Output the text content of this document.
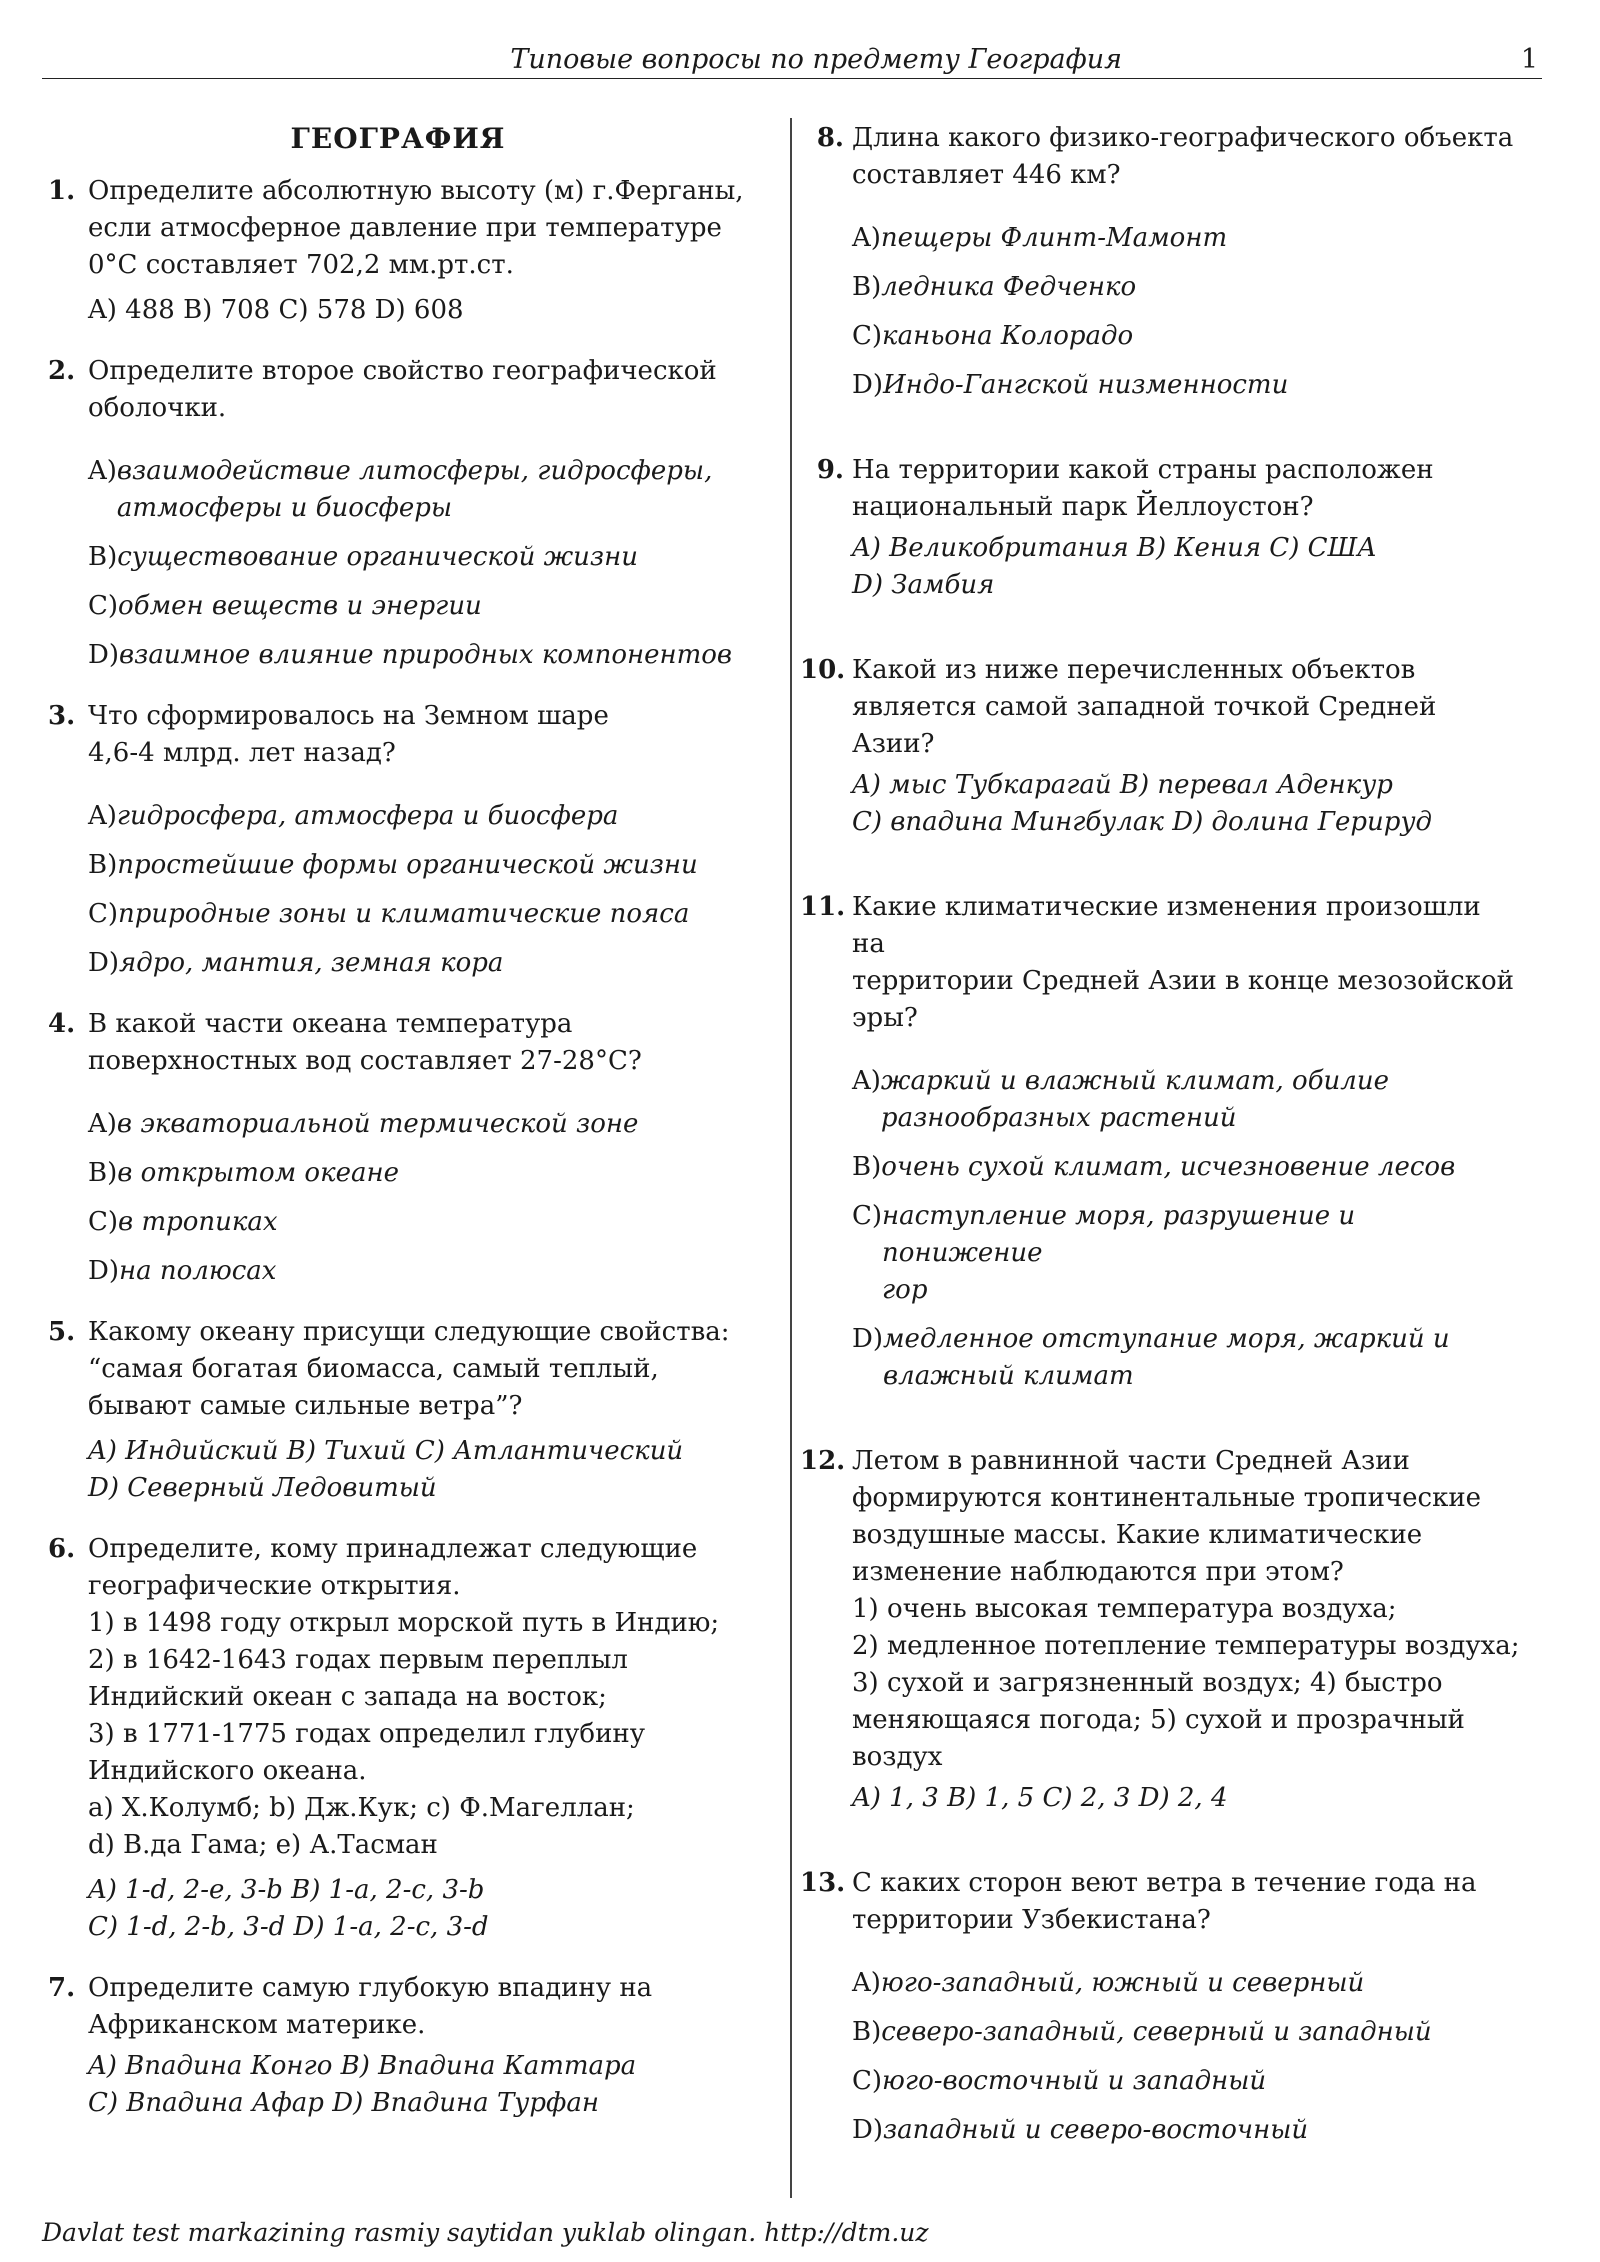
Типовые вопросы по предмету География	1
ГЕОГРАФИЯ
1. Определите абсолютную высоту (м) г.Ферганы,
если атмосферное давление при температуре
0°C составляет 702,2 мм.рт.ст.
A) 488 B) 708 C) 578 D) 608
2. Определите второе свойство географической
оболочки.
A) взаимодействие литосферы, гидросферы,
атмосферы и биосферы
B) существование органической жизни
C) обмен веществ и энергии
D) взаимное влияние природных компонентов
3. Что сформировалось на Земном шаре
4,6-4 млрд. лет назад?
A) гидросфера, атмосфера и биосфера
B) простейшие формы органической жизни
C) природные зоны и климатические пояса
D) ядро, мантия, земная кора
4. В какой части океана температура
поверхностных вод составляет 27-28°C?
A) в экваториальной термической зоне
B) в открытом океане
C) в тропиках
D) на полюсах
5. Какому океану присущи следующие свойства:
“самая богатая биомасса, самый теплый,
бывают самые сильные ветра”?
A) Индийский B) Тихий C) Атлантический
D) Северный Ледовитый
6. Определите, кому принадлежат следующие
географические открытия.
1) в 1498 году открыл морской путь в Индию;
2) в 1642-1643 годах первым переплыл
Индийский океан с запада на восток;
3) в 1771-1775 годах определил глубину
Индийского океана.
a) Х.Колумб; b) Дж.Кук; c) Ф.Магеллан;
d) В.да Гама; e) А.Тасман
A) 1-d, 2-e, 3-b B) 1-a, 2-c, 3-b
C) 1-d, 2-b, 3-d D) 1-a, 2-c, 3-d
7. Определите самую глубокую впадину на
Африканском материке.
A) Впадина Конго B) Впадина Каттара
C) Впадина Афар D) Впадина Турфан
8. Длина какого физико-географического объекта
составляет 446 км?
A) пещеры Флинт-Мамонт
B) ледника Федченко
C) каньона Колорадо
D) Индо-Гангской низменности
9. На территории какой страны расположен
национальный парк Йеллоустон?
A) Великобритания B) Кения C) США
D) Замбия
10. Какой из ниже перечисленных объектов
является самой западной точкой Средней Азии?
A) мыс Тубкарагай B) перевал Аденкур
C) впадина Мингбулак D) долина Герируд
11. Какие климатические изменения произошли на
территории Средней Азии в конце мезозойской
эры?
A) жаркий и влажный климат, обилие
разнообразных растений
B) очень сухой климат, исчезновение лесов
C) наступление моря, разрушение и понижение
гор
D) медленное отступание моря, жаркий и
влажный климат
12. Летом в равнинной части Средней Азии
формируются континентальные тропические
воздушные массы. Какие климатические
изменение наблюдаются при этом?
1) очень высокая температура воздуха;
2) медленное потепление температуры воздуха;
3) сухой и загрязненный воздух; 4) быстро
меняющаяся погода; 5) сухой и прозрачный
воздух
A) 1, 3 B) 1, 5 C) 2, 3 D) 2, 4
13. С каких сторон веют ветра в течение года на
территории Узбекистана?
A) юго-западный, южный и северный
B) северо-западный, северный и западный
C) юго-восточный и западный
D) западный и северо-восточный
Davlat test markazining rasmiy saytidan yuklab olingan. http://dtm.uz
